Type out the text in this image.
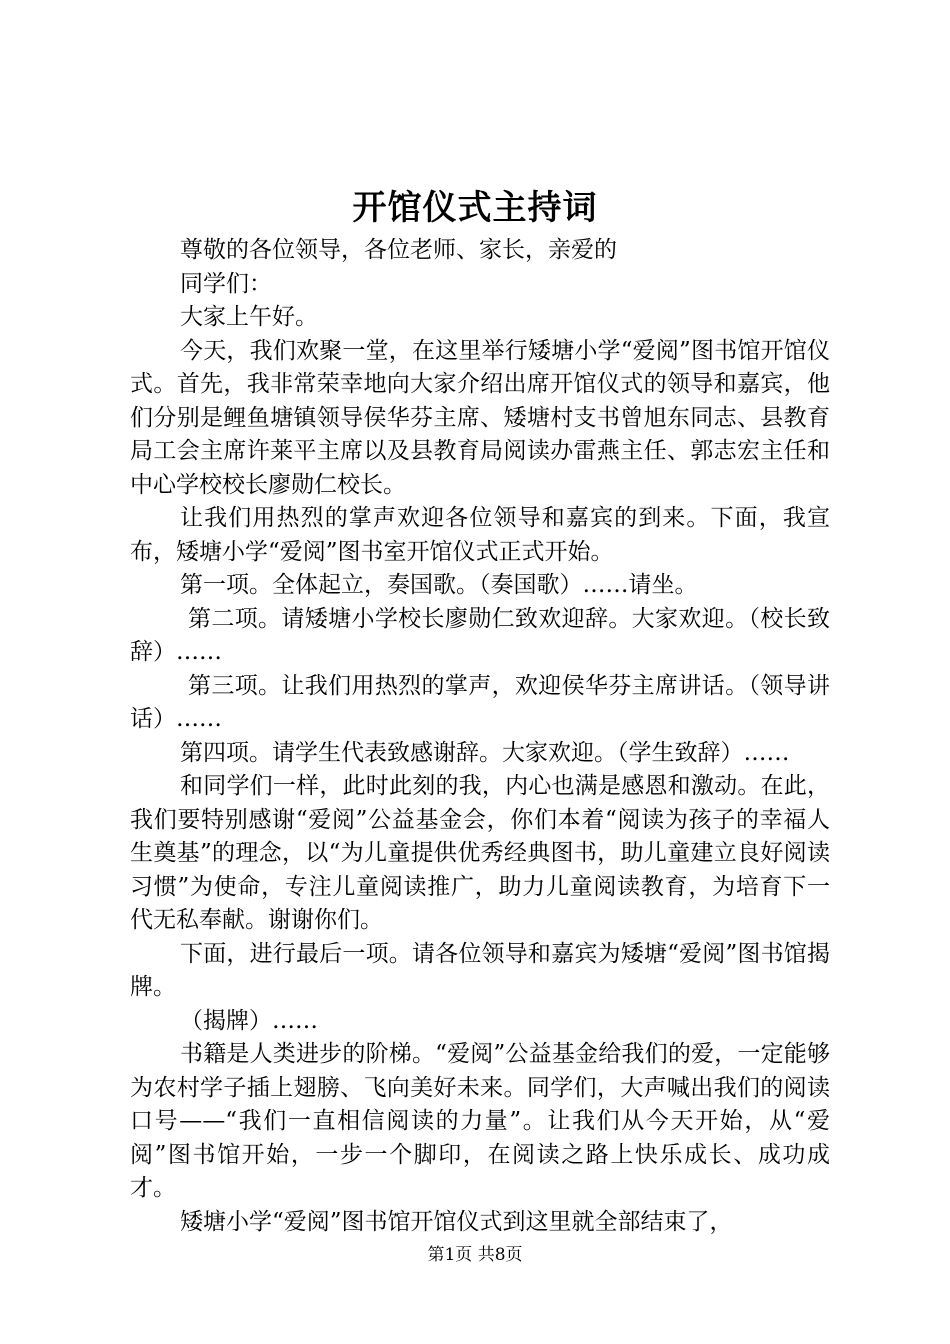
开馆仪式主持词

尊敬的各位领导，各位老师、家长，亲爱的

同学们：

大家上午好。

今天，我们欢聚一堂，在这里举行矮塘小学“爱阅”图书馆开馆仪式。首先，我非常荣幸地向大家介绍出席开馆仪式的领导和嘉宾，他们分别是鲤鱼塘镇领导侯华芬主席、矮塘村支书曾旭东同志、县教育局工会主席许莱平主席以及县教育局阅读办雷燕主任、郭志宏主任和中心学校校长廖勋仁校长。

让我们用热烈的掌声欢迎各位领导和嘉宾的到来。下面，我宣布，矮塘小学“爱阅”图书室开馆仪式正式开始。

第一项。全体起立，奏国歌。（奏国歌）……请坐。

第二项。请矮塘小学校长廖勋仁致欢迎辞。大家欢迎。（校长致辞）……

第三项。让我们用热烈的掌声，欢迎侯华芬主席讲话。（领导讲话）……

第四项。请学生代表致感谢辞。大家欢迎。（学生致辞）……

和同学们一样，此时此刻的我，内心也满是感恩和激动。在此，我们要特别感谢“爱阅”公益基金会，你们本着“阅读为孩子的幸福人生奠基”的理念，以“为儿童提供优秀经典图书，助儿童建立良好阅读习惯”为使命，专注儿童阅读推广，助力儿童阅读教育，为培育下一代无私奉献。谢谢你们。

下面，进行最后一项。请各位领导和嘉宾为矮塘“爱阅”图书馆揭牌。

（揭牌）……

书籍是人类进步的阶梯。“爱阅”公益基金给我们的爱，一定能够为农村学子插上翅膀、飞向美好未来。同学们，大声喊出我们的阅读口号——“我们一直相信阅读的力量”。让我们从今天开始，从“爱阅”图书馆开始，一步一个脚印，在阅读之路上快乐成长、成功成才。

矮塘小学“爱阅”图书馆开馆仪式到这里就全部结束了，

第1页 共8页
